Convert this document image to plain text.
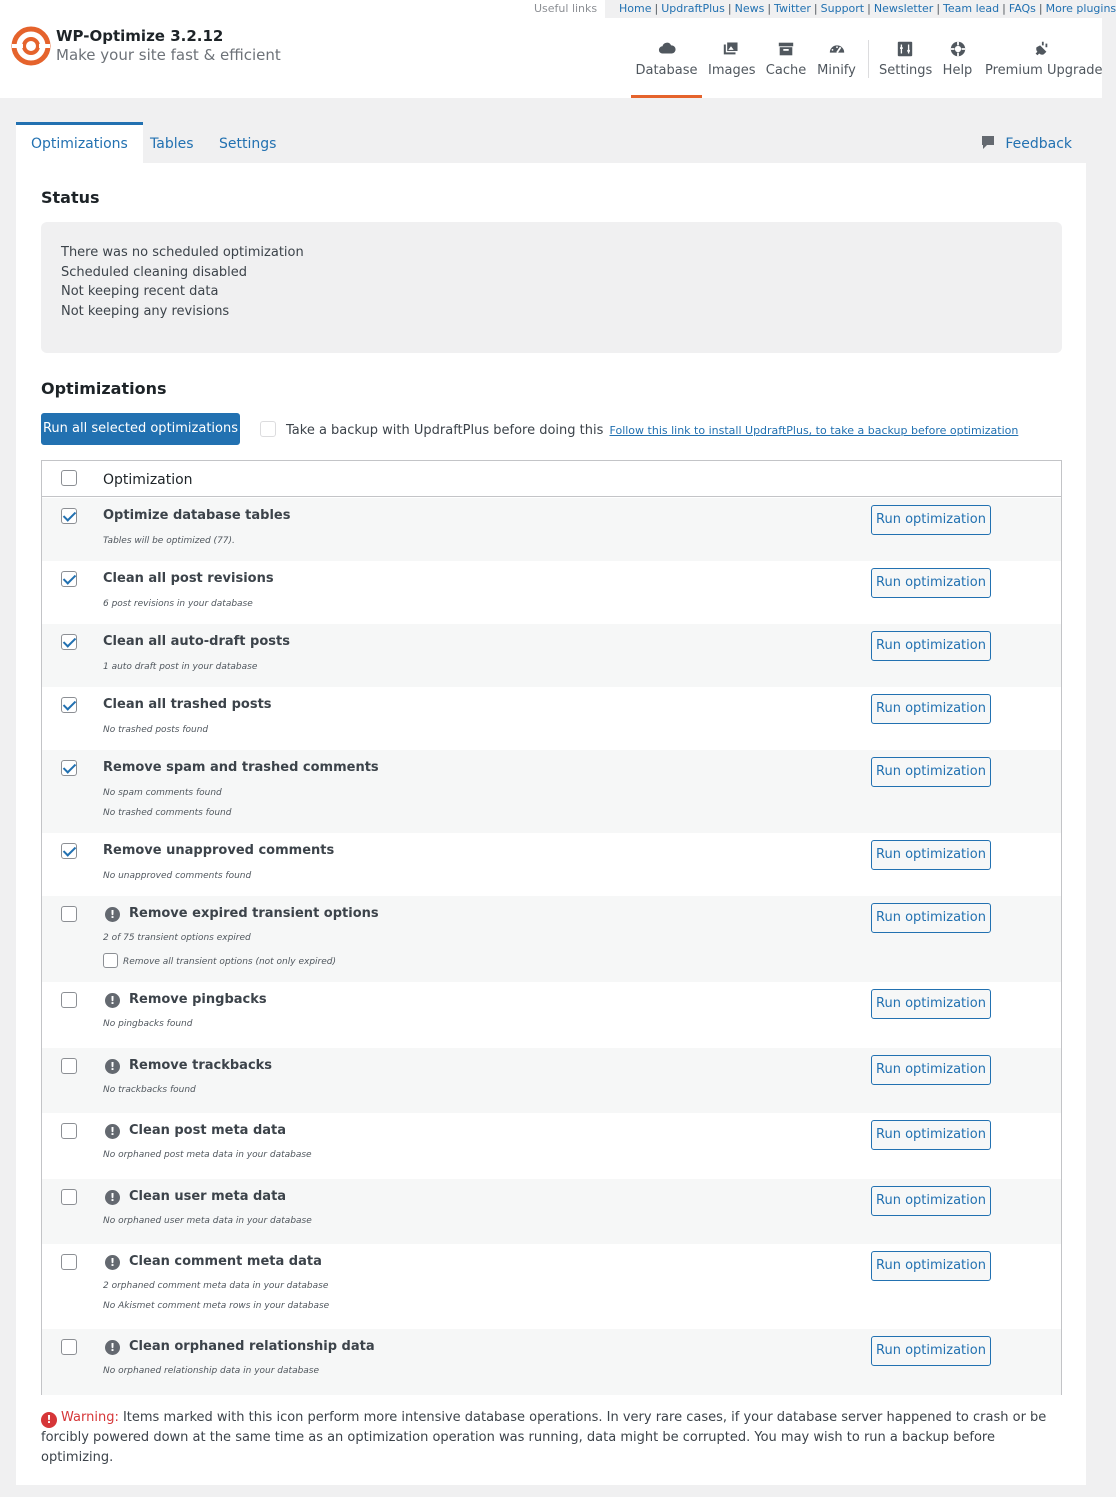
WP-Optimize 3.2.12
Make your site fast & efficient
Useful links	Home | UpdraftPlus | News | Twitter | Support | Newsletter | Team lead | FAQs | More plugins
Database Images Cache Minify Settings Help Premium Upgrade
Optimizations	Tables Settings	Feedback
Status
There was no scheduled optimization
Scheduled cleaning disabled
Not keeping recent data
Not keeping any revisions
Optimizations
Run all selected optimizations	Take a backup with UpdraftPlus before doing this Follow this link to install UpdraftPlus, to take a backup before optimization
Optimization
Optimize database tables
Tables will be optimized (77).
Run optimization
Clean all post revisions
6 post revisions in your database
Run optimization
Clean all auto-draft posts
1 auto draft post in your database
Run optimization
Clean all trashed posts
No trashed posts found
Run optimization
Remove spam and trashed comments
No spam comments found
No trashed comments found
Run optimization
Remove unapproved comments
No unapproved comments found
Run optimization
!	Remove expired transient options
2 of 75 transient options expired
Remove all transient options (not only expired)
Run optimization
!	Remove pingbacks
No pingbacks found
Run optimization
!	Remove trackbacks
No trackbacks found
Run optimization
!	Clean post meta data
No orphaned post meta data in your database
Run optimization
!	Clean user meta data
No orphaned user meta data in your database
Run optimization
!	Clean comment meta data
2 orphaned comment meta data in your database
No Akismet comment meta rows in your database
Run optimization
!	Clean orphaned relationship data
No orphaned relationship data in your database
Run optimization
! Warning: Items marked with this icon perform more intensive database operations. In very rare cases, if your database server happened to crash or be forcibly powered down at the same time as an optimization operation was running, data might be corrupted. You may wish to run a backup before optimizing.
